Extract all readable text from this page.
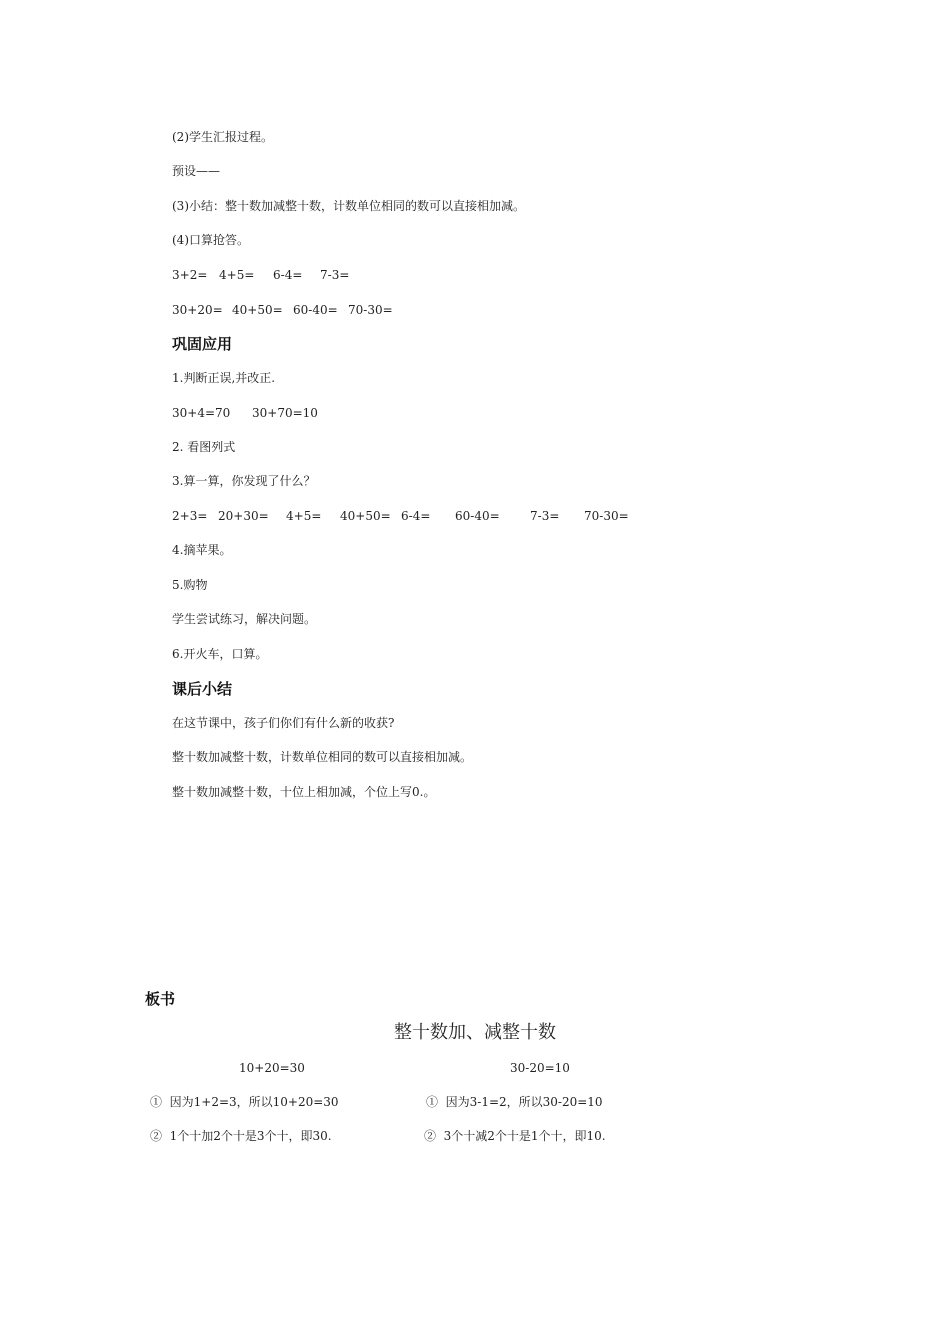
(2)学生汇报过程。
预设——
(3)小结：整十数加减整十数，计数单位相同的数可以直接相加减。
(4)口算抢答。
3+2= 4+5= 6-4= 7-3=
30+20= 40+50= 60-40= 70-30=
巩固应用
1.判断正误,并改正.
30+4=70 30+70=10
2. 看图列式
3.算一算，你发现了什么？
2+3= 20+30= 4+5= 40+50= 6-4= 60-40=	7-3= 70-30=
4.摘苹果。
5.购物
学生尝试练习，解决问题。
6.开火车，口算。
课后小结
在这节课中，孩子们你们有什么新的收获?
整十数加减整十数，计数单位相同的数可以直接相加减。
整十数加减整十数，十位上相加减，个位上写0.。
板书
整十数加、减整十数
10+20=30	30-20=10
①  因为1+2=3，所以10+20=30	①  因为3-1=2，所以30-20=10
②  1个十加2个十是3个十，即30.	②  3个十减2个十是1个十，即10.
